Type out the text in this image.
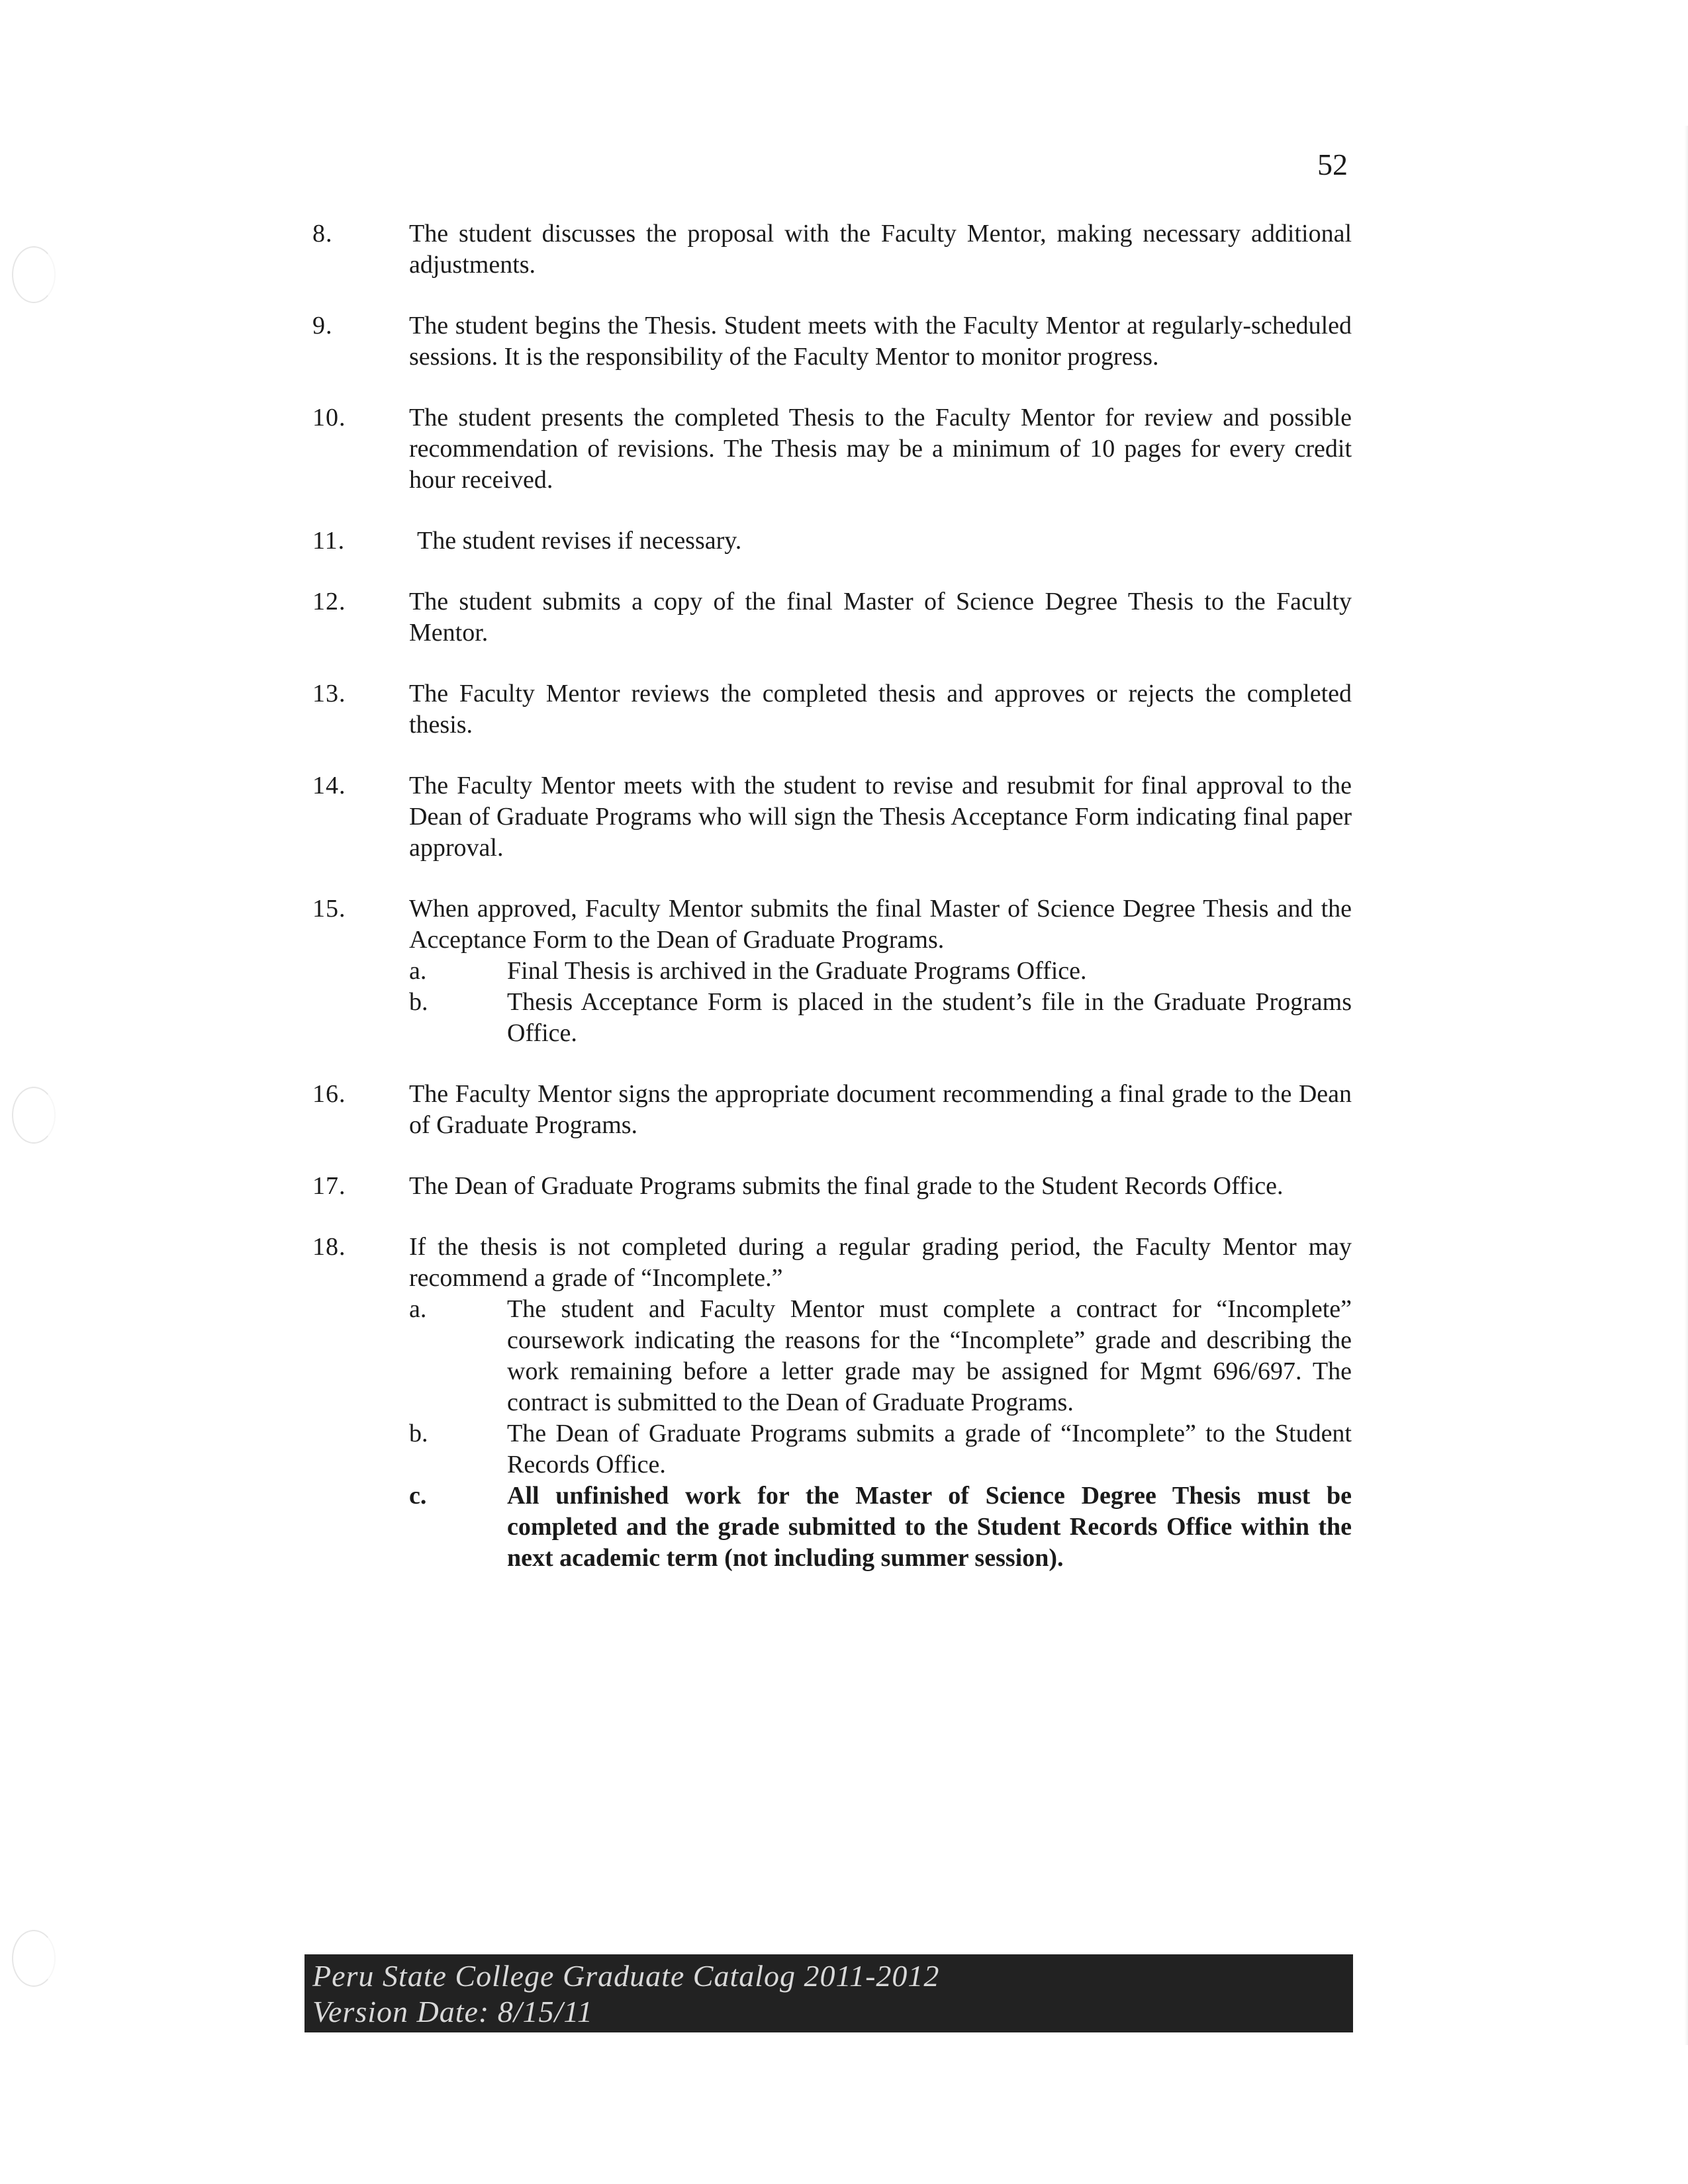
52
8.	The student discusses the proposal with the Faculty Mentor, making necessary additional adjustments.
9.	The student begins the Thesis. Student meets with the Faculty Mentor at regularly-scheduled sessions. It is the responsibility of the Faculty Mentor to monitor progress.
10.	The student presents the completed Thesis to the Faculty Mentor for review and possible recommendation of revisions. The Thesis may be a minimum of 10 pages for every credit hour received.
11.	The student revises if necessary.
12.	The student submits a copy of the final Master of Science Degree Thesis to the Faculty Mentor.
13.	The Faculty Mentor reviews the completed thesis and approves or rejects the completed thesis.
14.	The Faculty Mentor meets with the student to revise and resubmit for final approval to the Dean of Graduate Programs who will sign the Thesis Acceptance Form indicating final paper approval.
15.	When approved, Faculty Mentor submits the final Master of Science Degree Thesis and the Acceptance Form to the Dean of Graduate Programs.
a.	Final Thesis is archived in the Graduate Programs Office.
b.	Thesis Acceptance Form is placed in the student’s file in the Graduate Programs Office.
16.	The Faculty Mentor signs the appropriate document recommending a final grade to the Dean of Graduate Programs.
17.	The Dean of Graduate Programs submits the final grade to the Student Records Office.
18.	If the thesis is not completed during a regular grading period, the Faculty Mentor may recommend a grade of “Incomplete.”
a.	The student and Faculty Mentor must complete a contract for “Incomplete” coursework indicating the reasons for the “Incomplete” grade and describing the work remaining before a letter grade may be assigned for Mgmt 696/697. The contract is submitted to the Dean of Graduate Programs.
b.	The Dean of Graduate Programs submits a grade of “Incomplete” to the Student Records Office.
c.	All unfinished work for the Master of Science Degree Thesis must be completed and the grade submitted to the Student Records Office within the next academic term (not including summer session).
Peru State College Graduate Catalog 2011-2012
Version Date: 8/15/11
